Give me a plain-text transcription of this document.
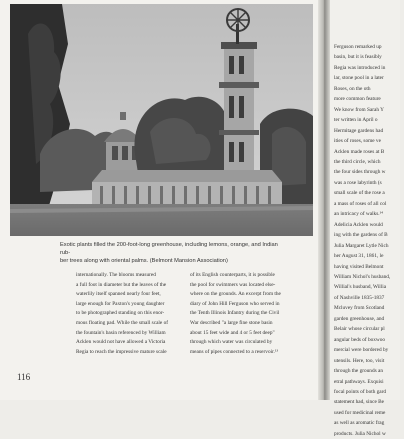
Exotic plants filled the 200-foot-long greenhouse, including lemons, orange, and Indian rub-
ber trees along with oriental palms. (Belmont Mansion Association)
internationally. The blooms measured
a full foot in diameter but the leaves of the
waterlily itself spanned nearly four feet,
large enough for Paxton's young daughter
to be photographed standing on this enor-
mous floating pad. While the small scale of
the fountain's basin referenced by William
Acklen would not have allowed a Victoria
Regia to reach the impressive mature scale
of its English counterparts, it is possible
the pool for swimmers was located else-
where on the grounds. An excerpt from the
diary of John Hill Ferguson who served in
the Tenth Illinois Infantry during the Civil
War described "a large fine stone basin
about 15 feet wide and 4 or 5 feet deep"
through which water was circulated by
means of pipes connected to a reservoir.¹³
116
Ferguson remarked up
basin, but it is feasibly
Regia was introduced in
lar, stone pool in a later
Roses, on the oth
more common feature
We know from Sarah Y
ter written in April o
Hermitage gardens had
ities of roses, some ve
Acklen made roses at B
the third circle, which
the four sides through w
was a rose labyrinth (s
small scale of the rose a
a mass of roses of all col
an intricacy of walks.¹⁴
Adelicia Acklen would
ing with the gardens of B
Julia Margaret Lytle Nich
her August 31, 1861, le
having visited Belmont
William Nichol's husband,
Willial's husband, Willia
of Nashville 1835-1837
Mcluvey from Scotland
garden greenhouse, and
Belair whose circular pl
angular beds of boxwoo
mercial were bordered by
utensils. Here, too, visit
through the grounds an
etral pathways. Exquisi
focal points of both gard
statement had, since Be
used for medicinal reme
as well as aromatic frag
products. Julia Nichol w
